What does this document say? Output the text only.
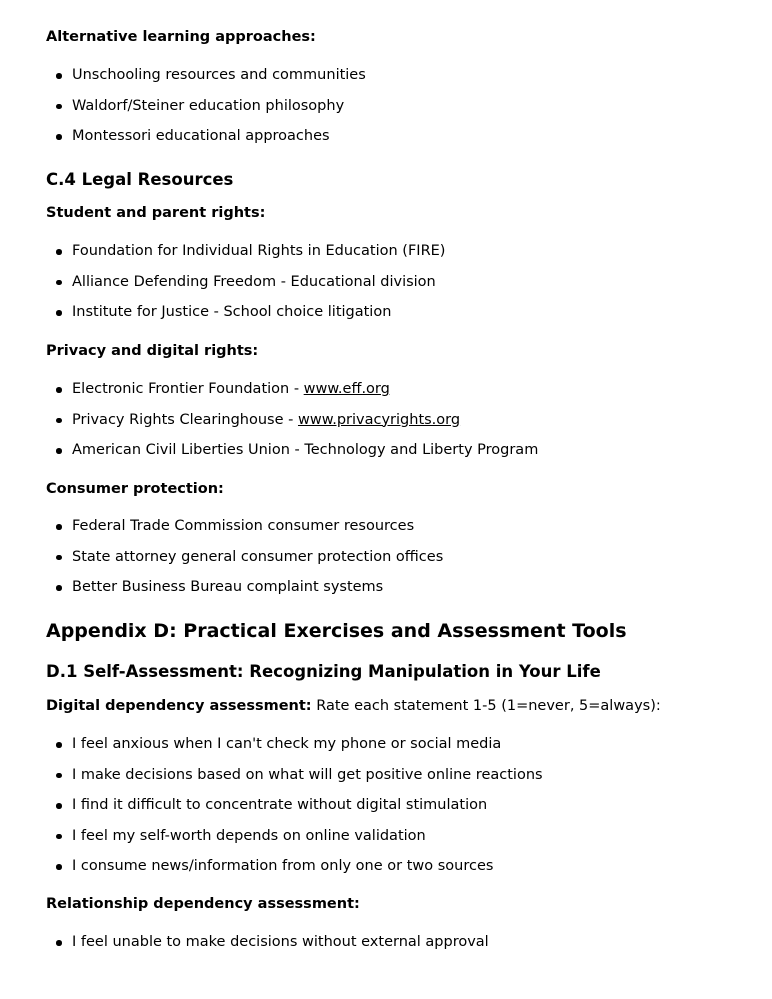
Alternative learning approaches:
Unschooling resources and communities
Waldorf/Steiner education philosophy
Montessori educational approaches
C.4 Legal Resources
Student and parent rights:
Foundation for Individual Rights in Education (FIRE)
Alliance Defending Freedom - Educational division
Institute for Justice - School choice litigation
Privacy and digital rights:
Electronic Frontier Foundation - www.eff.org
Privacy Rights Clearinghouse - www.privacyrights.org
American Civil Liberties Union - Technology and Liberty Program
Consumer protection:
Federal Trade Commission consumer resources
State attorney general consumer protection offices
Better Business Bureau complaint systems
Appendix D: Practical Exercises and Assessment Tools
D.1 Self-Assessment: Recognizing Manipulation in Your Life
Digital dependency assessment: Rate each statement 1-5 (1=never, 5=always):
I feel anxious when I can't check my phone or social media
I make decisions based on what will get positive online reactions
I find it difficult to concentrate without digital stimulation
I feel my self-worth depends on online validation
I consume news/information from only one or two sources
Relationship dependency assessment:
I feel unable to make decisions without external approval
